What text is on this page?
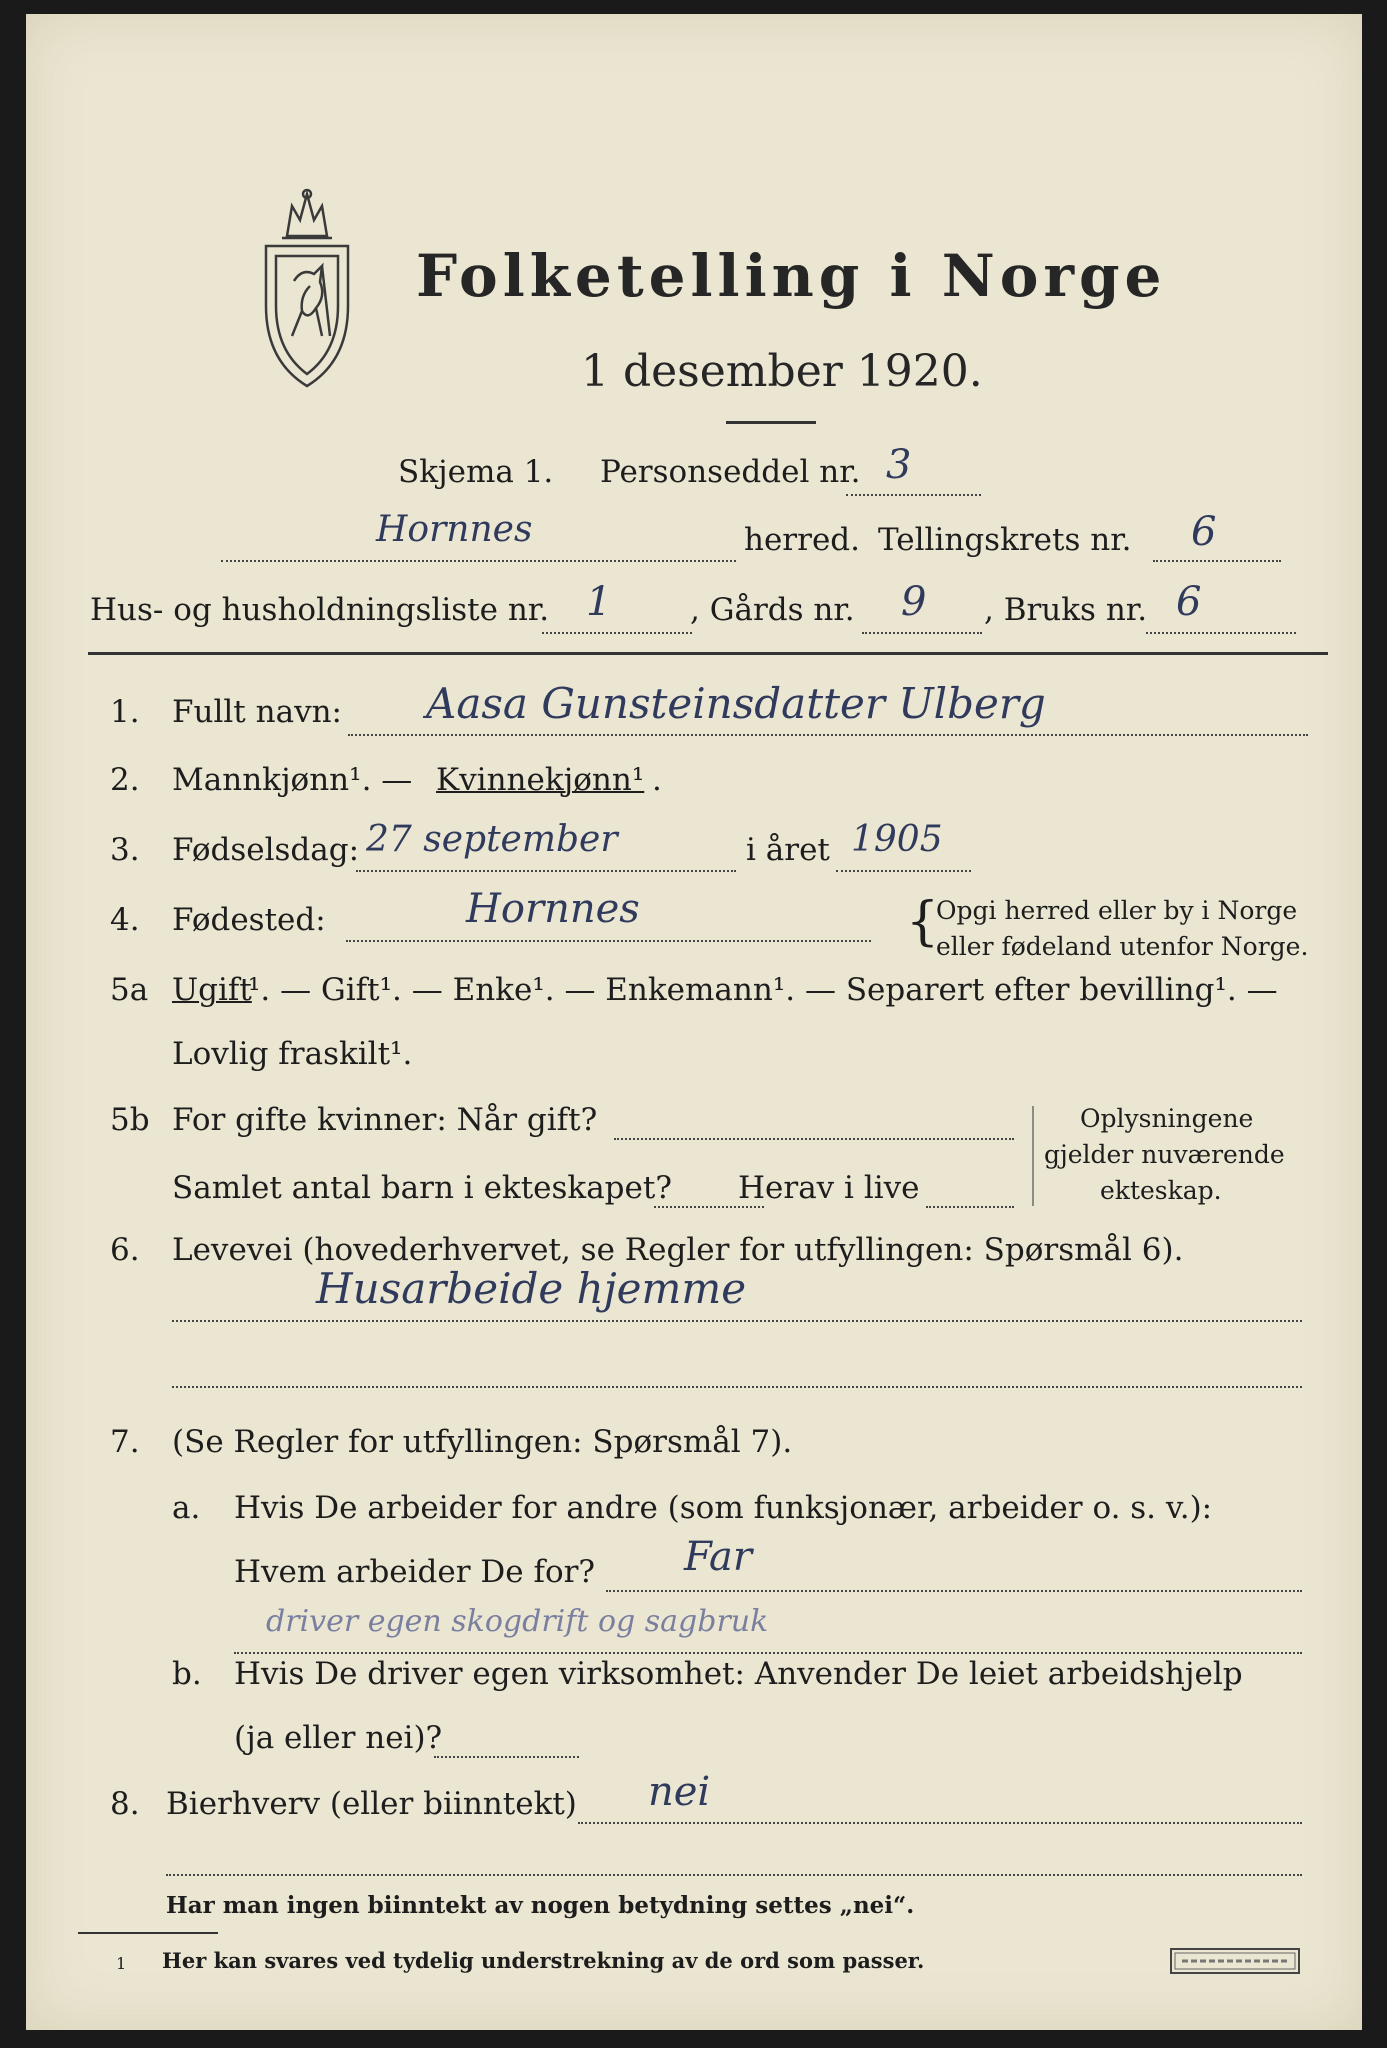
Folketelling i Norge
1 desember 1920.
Skjema 1. Personseddel nr. 3
Hornnes	herred. Tellingskrets nr. 6
Hus- og husholdningsliste nr. 1	, Gårds nr. 9 , Bruks nr. 6
1. Fullt navn: Aasa Gunsteinsdatter Ulberg
2. Mannkjønn¹. — Kvinnekjønn¹ .
3. Fødselsdag: 27 september	i året 1905
4. Fødested:	Hornnes	{
Opgi herred eller by i Norge
eller fødeland utenfor Norge.
5a Ugift
¹. — Gift¹. — Enke¹. — Enkemann¹. — Separert efter bevilling¹. —
Lovlig fraskilt¹.
5b For gifte kvinner: Når gift?
Samlet antal barn i ekteskapet? Herav i live
Oplysningene
gjelder nuværende
ekteskap.
6. Levevei (hovederhvervet, se Regler for utfyllingen: Spørsmål 6).
Husarbeide hjemme
7. (Se Regler for utfyllingen: Spørsmål 7).
a. Hvis De arbeider for andre (som funksjonær, arbeider o. s. v.):
Hvem arbeider De for? Far
driver egen skogdrift og sagbruk
b. Hvis De driver egen virksomhet: Anvender De leiet arbeidshjelp
(ja eller nei)?
8. Bierhverv (eller biinntekt) nei
Har man ingen biinntekt av nogen betydning settes „nei“.
1 Her kan svares ved tydelig understrekning av de ord som passer.
